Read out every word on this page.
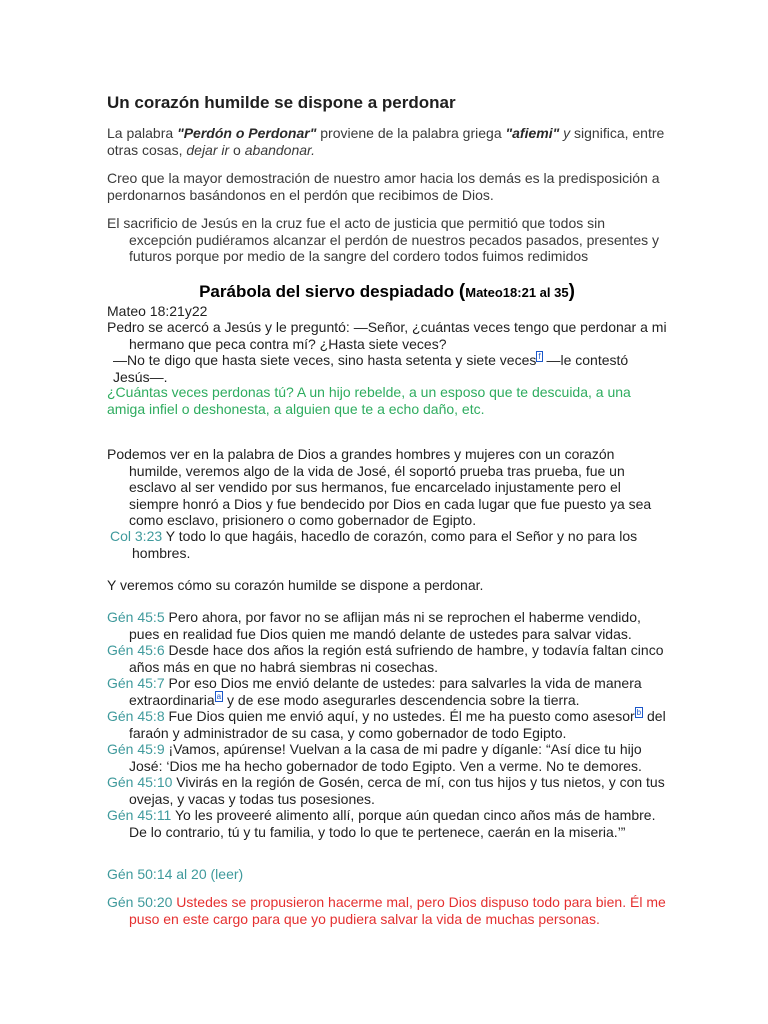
Un corazón humilde se dispone a perdonar

La palabra "Perdón o Perdonar" proviene de la palabra griega "afiemi" y significa, entre otras cosas, dejar ir o abandonar.

Creo que la mayor demostración de nuestro amor hacia los demás es la predisposición a perdonarnos basándonos en el perdón que recibimos de Dios.

El sacrificio de Jesús en la cruz fue el acto de justicia que permitió que todos sin excepción pudiéramos alcanzar el perdón de nuestros pecados pasados, presentes y futuros porque por medio de la sangre del cordero todos fuimos redimidos

Parábola del siervo despiadado (Mateo18:21 al 35)

Mateo 18:21y22

Pedro se acercó a Jesús y le preguntó: —Señor, ¿cuántas veces tengo que perdonar a mi hermano que peca contra mí? ¿Hasta siete veces?

—No te digo que hasta siete veces, sino hasta setenta y siete veces $^f$ —le contestó Jesús—.

¿Cuántas veces perdonas tú? A un hijo rebelde, a un esposo que te descuida, a una amiga infiel o deshonesta, a alguien que te a echo daño, etc.

Podemos ver en la palabra de Dios a grandes hombres y mujeres con un corazón humilde, veremos algo de la vida de José, él soportó prueba tras prueba, fue un esclavo al ser vendido por sus hermanos, fue encarcelado injustamente pero el siempre honró a Dios y fue bendecido por Dios en cada lugar que fue puesto ya sea como esclavo, prisionero o como gobernador de Egipto.

Col 3:23 Y todo lo que hagáis, hacedlo de corazón, como para el Señor y no para los hombres.

Y veremos cómo su corazón humilde se dispone a perdonar.

Gén 45:5 Pero ahora, por favor no se aflijan más ni se reprochen el haberme vendido, pues en realidad fue Dios quien me mandó delante de ustedes para salvar vidas.

Gén 45:6 Desde hace dos años la región está sufriendo de hambre, y todavía faltan cinco años más en que no habrá siembras ni cosechas.

Gén 45:7 Por eso Dios me envió delante de ustedes: para salvarles la vida de manera extraordinaria $^a$ y de ese modo asegurarles descendencia sobre la tierra.

Gén 45:8 Fue Dios quien me envió aquí, y no ustedes. Él me ha puesto como asesor $^b$ del faraón y administrador de su casa, y como gobernador de todo Egipto.

Gén 45:9 ¡Vamos, apúrense! Vuelvan a la casa de mi padre y díganle: “Así dice tu hijo José: ‘Dios me ha hecho gobernador de todo Egipto. Ven a verme. No te demores.

Gén 45:10 Vivirás en la región de Gosén, cerca de mí, con tus hijos y tus nietos, y con tus ovejas, y vacas y todas tus posesiones.

Gén 45:11 Yo les proveeré alimento allí, porque aún quedan cinco años más de hambre. De lo contrario, tú y tu familia, y todo lo que te pertenece, caerán en la miseria.’”

Gén 50:14 al 20 (leer)

Gén 50:20 Ustedes se propusieron hacerme mal, pero Dios dispuso todo para bien. Él me puso en este cargo para que yo pudiera salvar la vida de muchas personas.
